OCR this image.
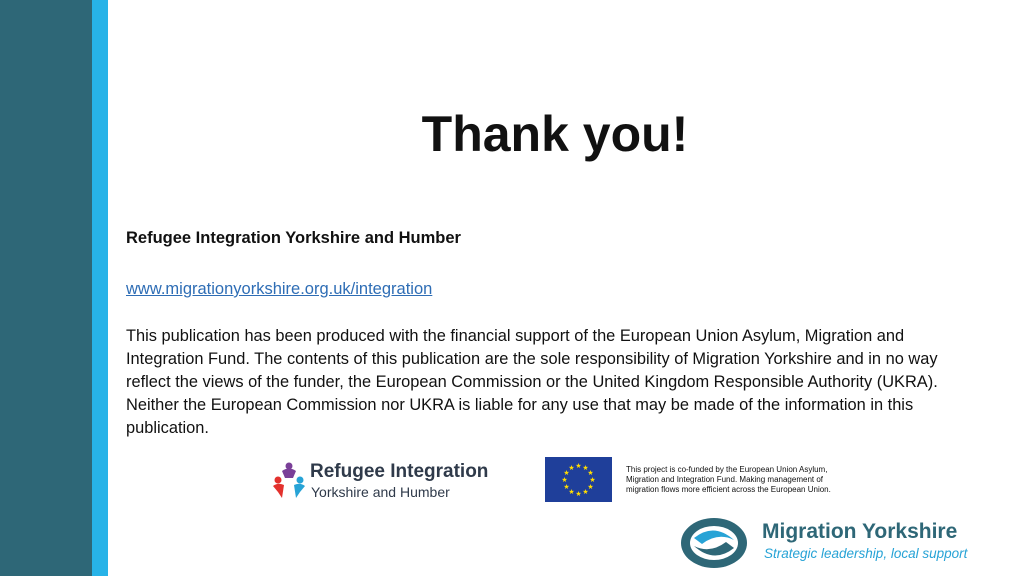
Thank you!

Refugee Integration Yorkshire and Humber

www.migrationyorkshire.org.uk/integration

This publication has been produced with the financial support of the European Union Asylum, Migration and Integration Fund. The contents of this publication are the sole responsibility of Migration Yorkshire and in no way reflect the views of the funder, the European Commission or the United Kingdom Responsible Authority (UKRA). Neither the European Commission nor UKRA is liable for any use that may be made of the information in this publication.

Refugee Integration
Yorkshire and Humber
★ ★
★
★
★
★
★
★
★
★
★
★	This project is co-funded by the European Union Asylum, Migration and Integration Fund. Making management of migration flows more efficient across the European Union.

Migration Yorkshire
Strategic leadership, local support
